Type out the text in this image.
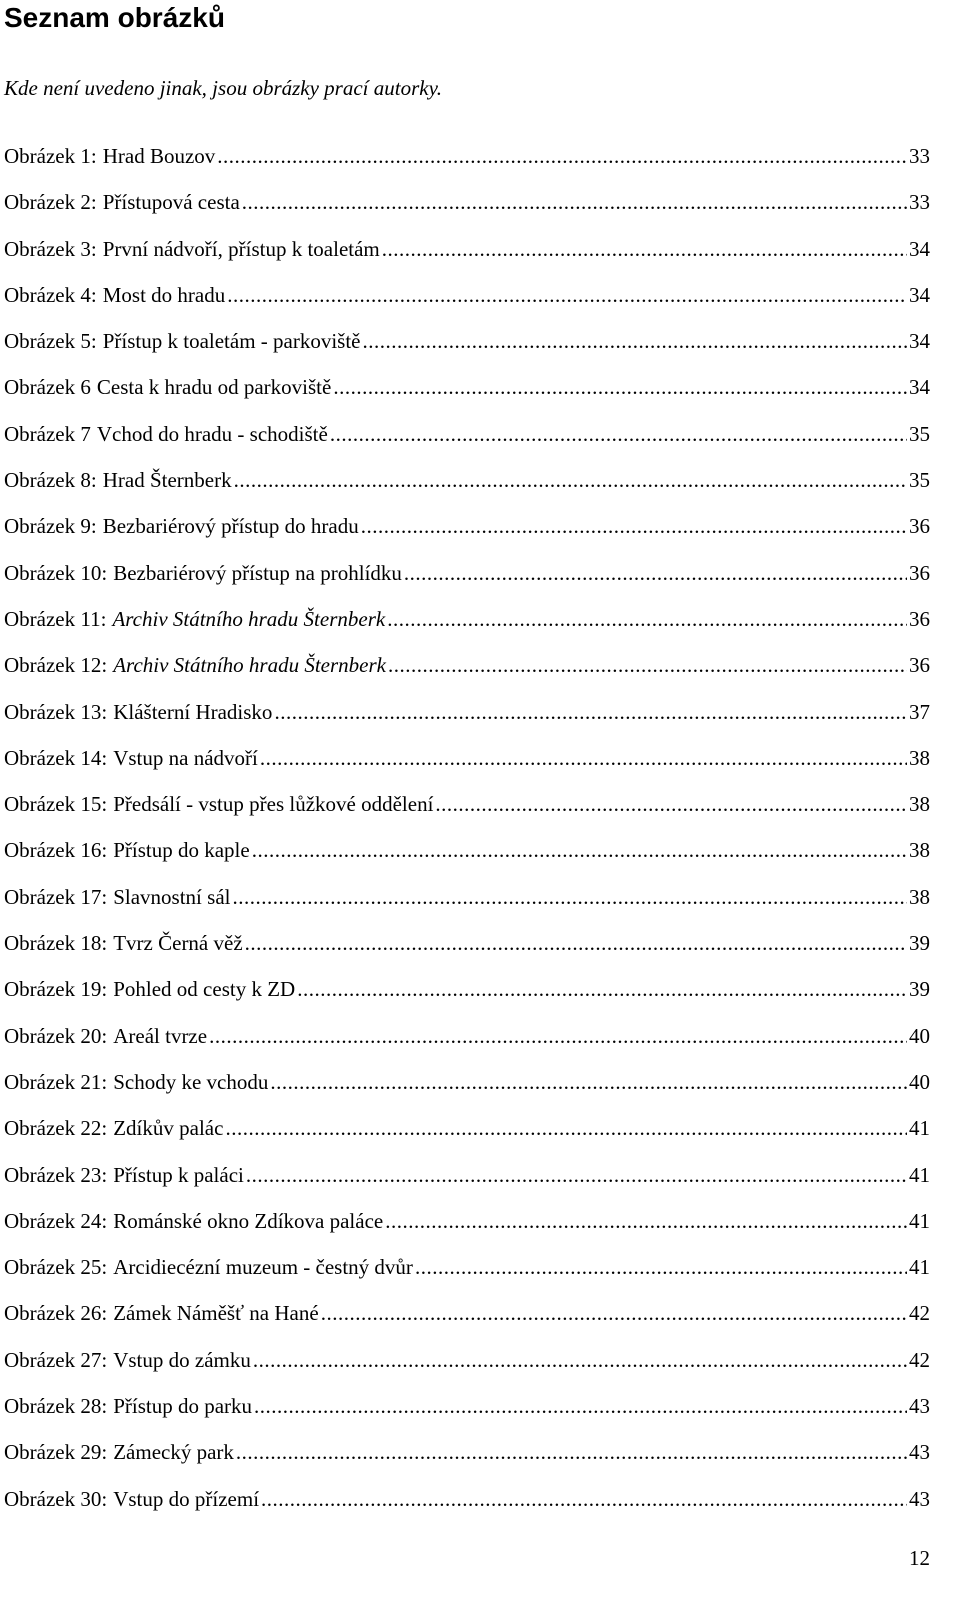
Seznam obrázků

Kde není uvedeno jinak, jsou obrázky prací autorky.

Obrázek 1: Hrad Bouzov .....	33
Obrázek 2: Přístupová cesta .....	33
Obrázek 3: První nádvoří, přístup k toaletám .....	34
Obrázek 4: Most do hradu .....	34
Obrázek 5: Přístup k toaletám - parkoviště .....	34
Obrázek 6 Cesta k hradu od parkoviště .....	34
Obrázek 7 Vchod do hradu - schodiště .....	35
Obrázek 8: Hrad Šternberk .....	35
Obrázek 9: Bezbariérový přístup do hradu .....	36
Obrázek 10: Bezbariérový přístup na prohlídku .....	36
Obrázek 11: Archiv Státního hradu Šternberk .....	36
Obrázek 12: Archiv Státního hradu Šternberk .....	36
Obrázek 13: Klášterní Hradisko .....	37
Obrázek 14: Vstup na nádvoří .....	38
Obrázek 15: Předsálí - vstup přes lůžkové oddělení .....	38
Obrázek 16: Přístup do kaple .....	38
Obrázek 17: Slavnostní sál .....	38
Obrázek 18: Tvrz Černá věž .....	39
Obrázek 19: Pohled od cesty k ZD .....	39
Obrázek 20: Areál tvrze .....	40
Obrázek 21: Schody ke vchodu .....	40
Obrázek 22: Zdíkův palác .....	41
Obrázek 23: Přístup k paláci .....	41
Obrázek 24: Románské okno Zdíkova paláce .....	41
Obrázek 25: Arcidiecézní muzeum - čestný dvůr .....	41
Obrázek 26: Zámek Náměšť na Hané .....	42
Obrázek 27: Vstup do zámku .....	42
Obrázek 28: Přístup do parku .....	43
Obrázek 29: Zámecký park .....	43
Obrázek 30: Vstup do přízemí .....	43
12
